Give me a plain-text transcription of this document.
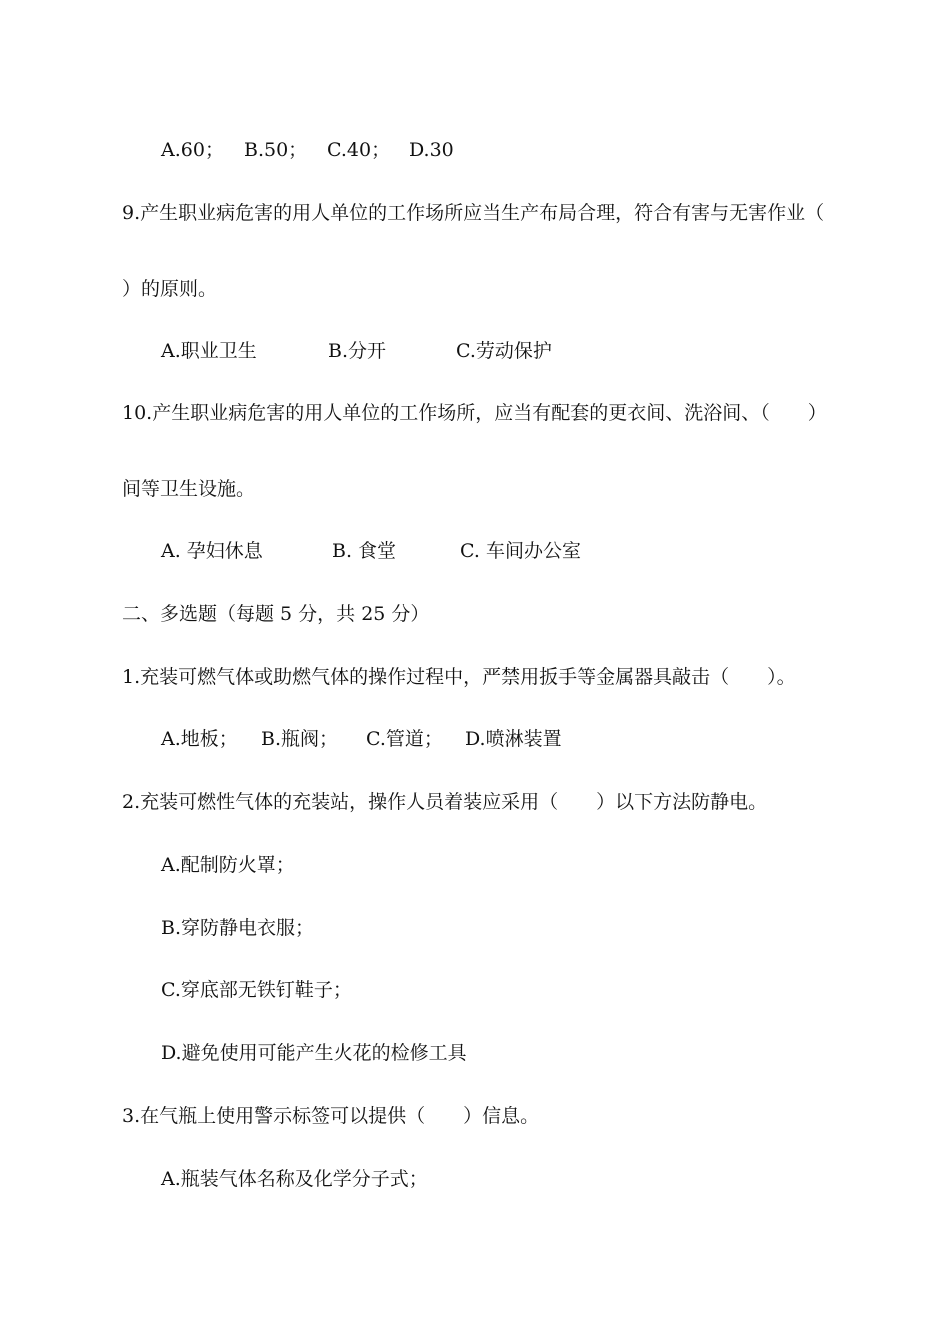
A.60； B.50； C.40； D.30
9.产生职业病危害的用人单位的工作场所应当生产布局合理，符合有害与无害作业（
）的原则。
A.职业卫生	B.分开	C.劳动保护
10.产生职业病危害的用人单位的工作场所，应当有配套的更衣间、洗浴间、（　　）
间等卫生设施。
A. 孕妇休息	B. 食堂	C. 车间办公室
二、多选题（每题 5 分，共 25 分）
1.充装可燃气体或助燃气体的操作过程中，严禁用扳手等金属器具敲击（　　）。
A.地板； B.瓶阀； C.管道； D.喷淋装置
2.充装可燃性气体的充装站，操作人员着装应采用（　　）以下方法防静电。
A.配制防火罩；
B.穿防静电衣服；
C.穿底部无铁钉鞋子；
D.避免使用可能产生火花的检修工具
3.在气瓶上使用警示标签可以提供（　　）信息。
A.瓶装气体名称及化学分子式；
